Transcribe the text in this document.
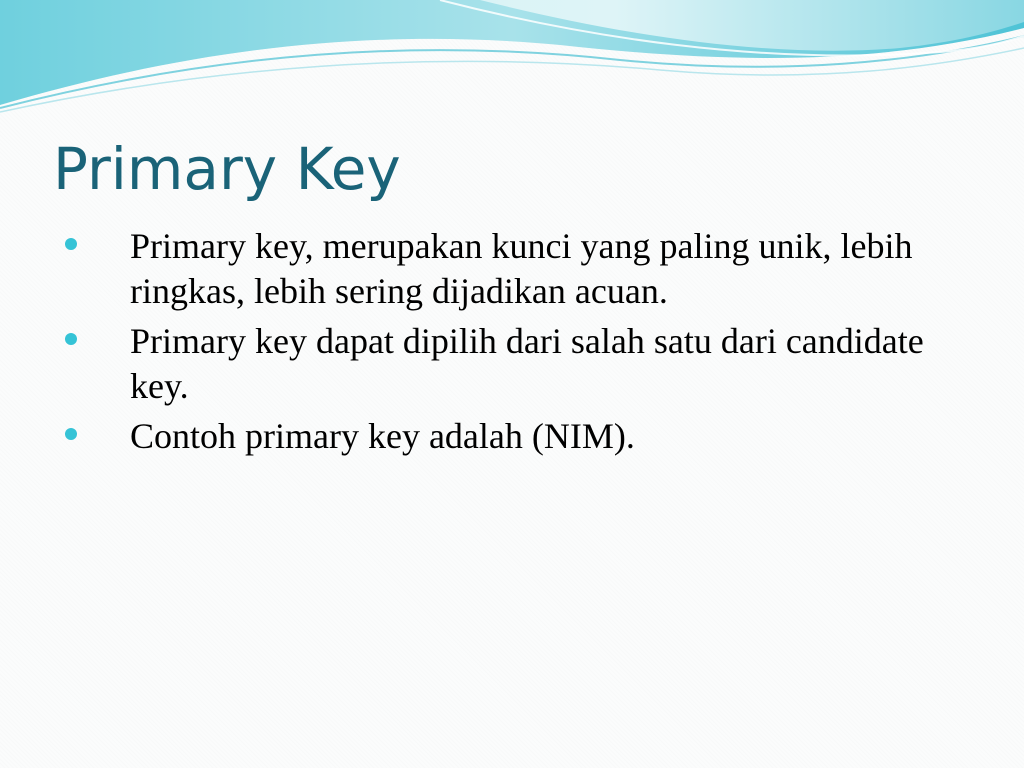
Primary Key
Primary key, merupakan kunci yang paling unik, lebih ringkas, lebih sering dijadikan acuan.
Primary key dapat dipilih dari salah satu dari candidate key.
Contoh primary key adalah (NIM).
